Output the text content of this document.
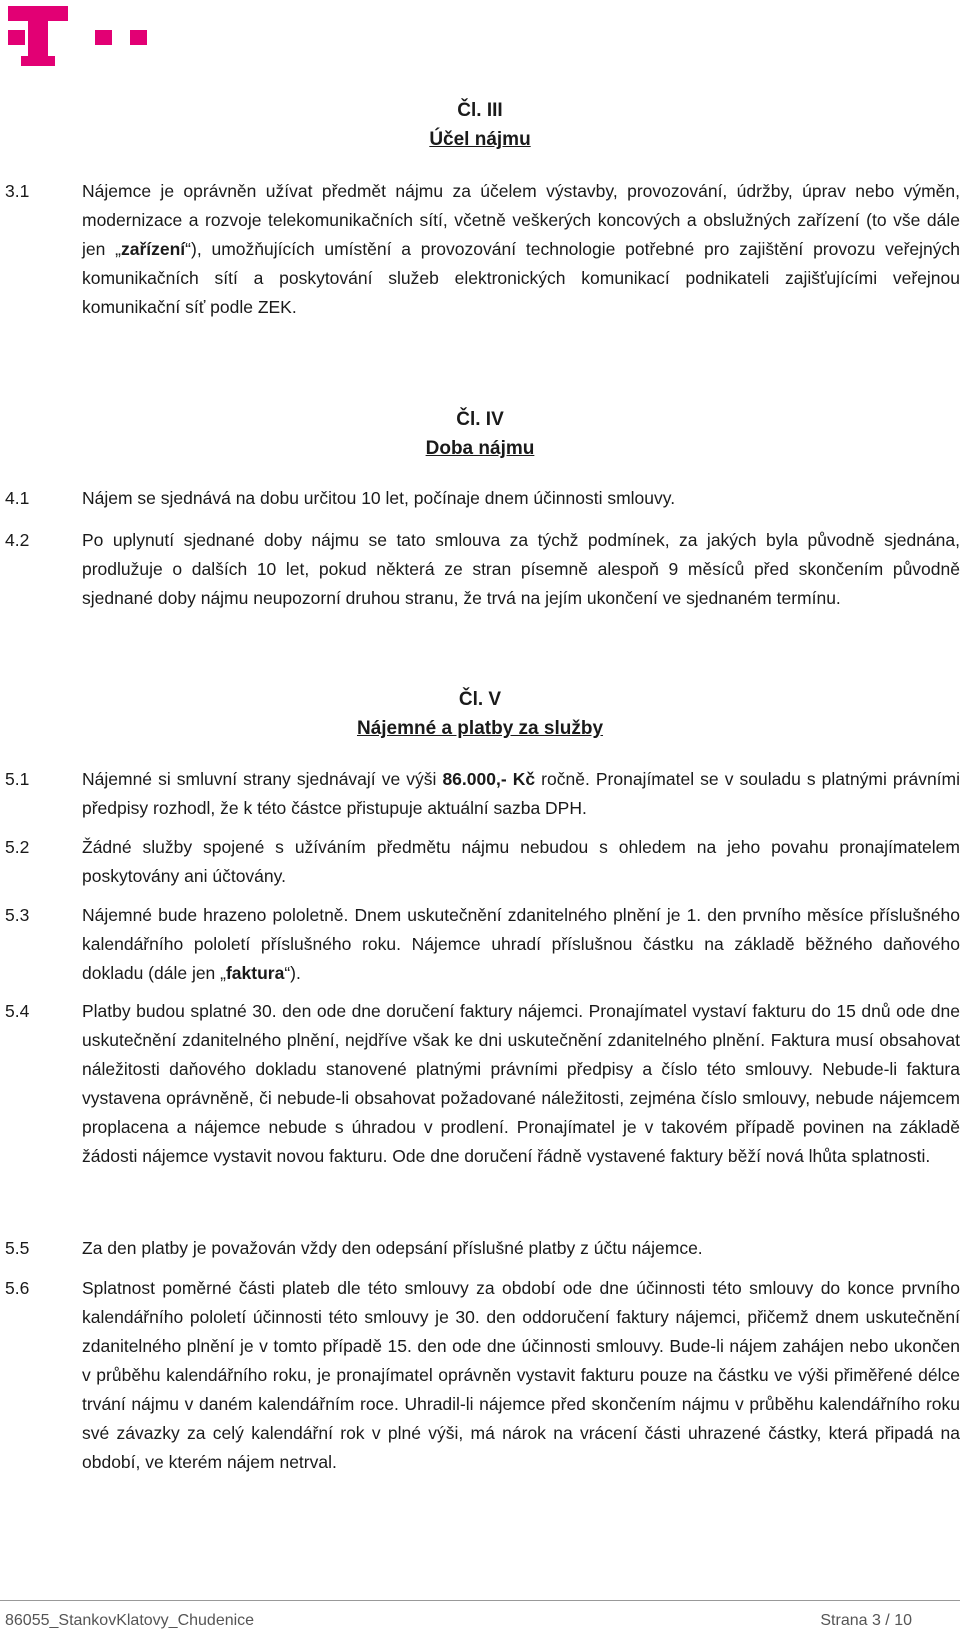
Čl. III
Účel nájmu
3.1	Nájemce je oprávněn užívat předmět nájmu za účelem výstavby, provozování, údržby, úprav nebo výměn, modernizace a rozvoje telekomunikačních sítí, včetně veškerých koncových a obslužných zařízení (to vše dále jen „zařízení“), umožňujících umístění a provozování technologie potřebné pro zajištění provozu veřejných komunikačních sítí a poskytování služeb elektronických komunikací podnikateli zajišťujícími veřejnou komunikační síť podle ZEK.
Čl. IV
Doba nájmu
4.1	Nájem se sjednává na dobu určitou 10 let, počínaje dnem účinnosti smlouvy.
4.2	Po uplynutí sjednané doby nájmu se tato smlouva za týchž podmínek, za jakých byla původně sjednána, prodlužuje o dalších 10 let, pokud některá ze stran písemně alespoň 9 měsíců před skončením původně sjednané doby nájmu neupozorní druhou stranu, že trvá na jejím ukončení ve sjednaném termínu.
Čl. V
Nájemné a platby za služby
5.1	Nájemné si smluvní strany sjednávají ve výši 86.000,- Kč ročně. Pronajímatel se v souladu s platnými právními předpisy rozhodl, že k této částce přistupuje aktuální sazba DPH.
5.2	Žádné služby spojené s užíváním předmětu nájmu nebudou s ohledem na jeho povahu pronajímatelem poskytovány ani účtovány.
5.3	Nájemné bude hrazeno pololetně. Dnem uskutečnění zdanitelného plnění je 1. den prvního měsíce příslušného kalendářního pololetí příslušného roku. Nájemce uhradí příslušnou částku na základě běžného daňového dokladu (dále jen „faktura“).
5.4	Platby budou splatné 30. den ode dne doručení faktury nájemci. Pronajímatel vystaví fakturu do 15 dnů ode dne uskutečnění zdanitelného plnění, nejdříve však ke dni uskutečnění zdanitelného plnění. Faktura musí obsahovat náležitosti daňového dokladu stanovené platnými právními předpisy a číslo této smlouvy. Nebude-li faktura vystavena oprávněně, či nebude-li obsahovat požadované náležitosti, zejména číslo smlouvy, nebude nájemcem proplacena a nájemce nebude s úhradou v prodlení. Pronajímatel je v takovém případě povinen na základě žádosti nájemce vystavit novou fakturu. Ode dne doručení řádně vystavené faktury běží nová lhůta splatnosti.
5.5	Za den platby je považován vždy den odepsání příslušné platby z účtu nájemce.
5.6	Splatnost poměrné části plateb dle této smlouvy za období ode dne účinnosti této smlouvy do konce prvního kalendářního pololetí účinnosti této smlouvy je 30. den oddoručení faktury nájemci, přičemž dnem uskutečnění zdanitelného plnění je v tomto případě 15. den ode dne účinnosti smlouvy. Bude-li nájem zahájen nebo ukončen v průběhu kalendářního roku, je pronajímatel oprávněn vystavit fakturu pouze na částku ve výši přiměřené délce trvání nájmu v daném kalendářním roce. Uhradil-li nájemce před skončením nájmu v průběhu kalendářního roku své závazky za celý kalendářní rok v plné výši, má nárok na vrácení části uhrazené částky, která připadá na období, ve kterém nájem netrval.
86055_StankovKlatovy_Chudenice	Strana 3 / 10
